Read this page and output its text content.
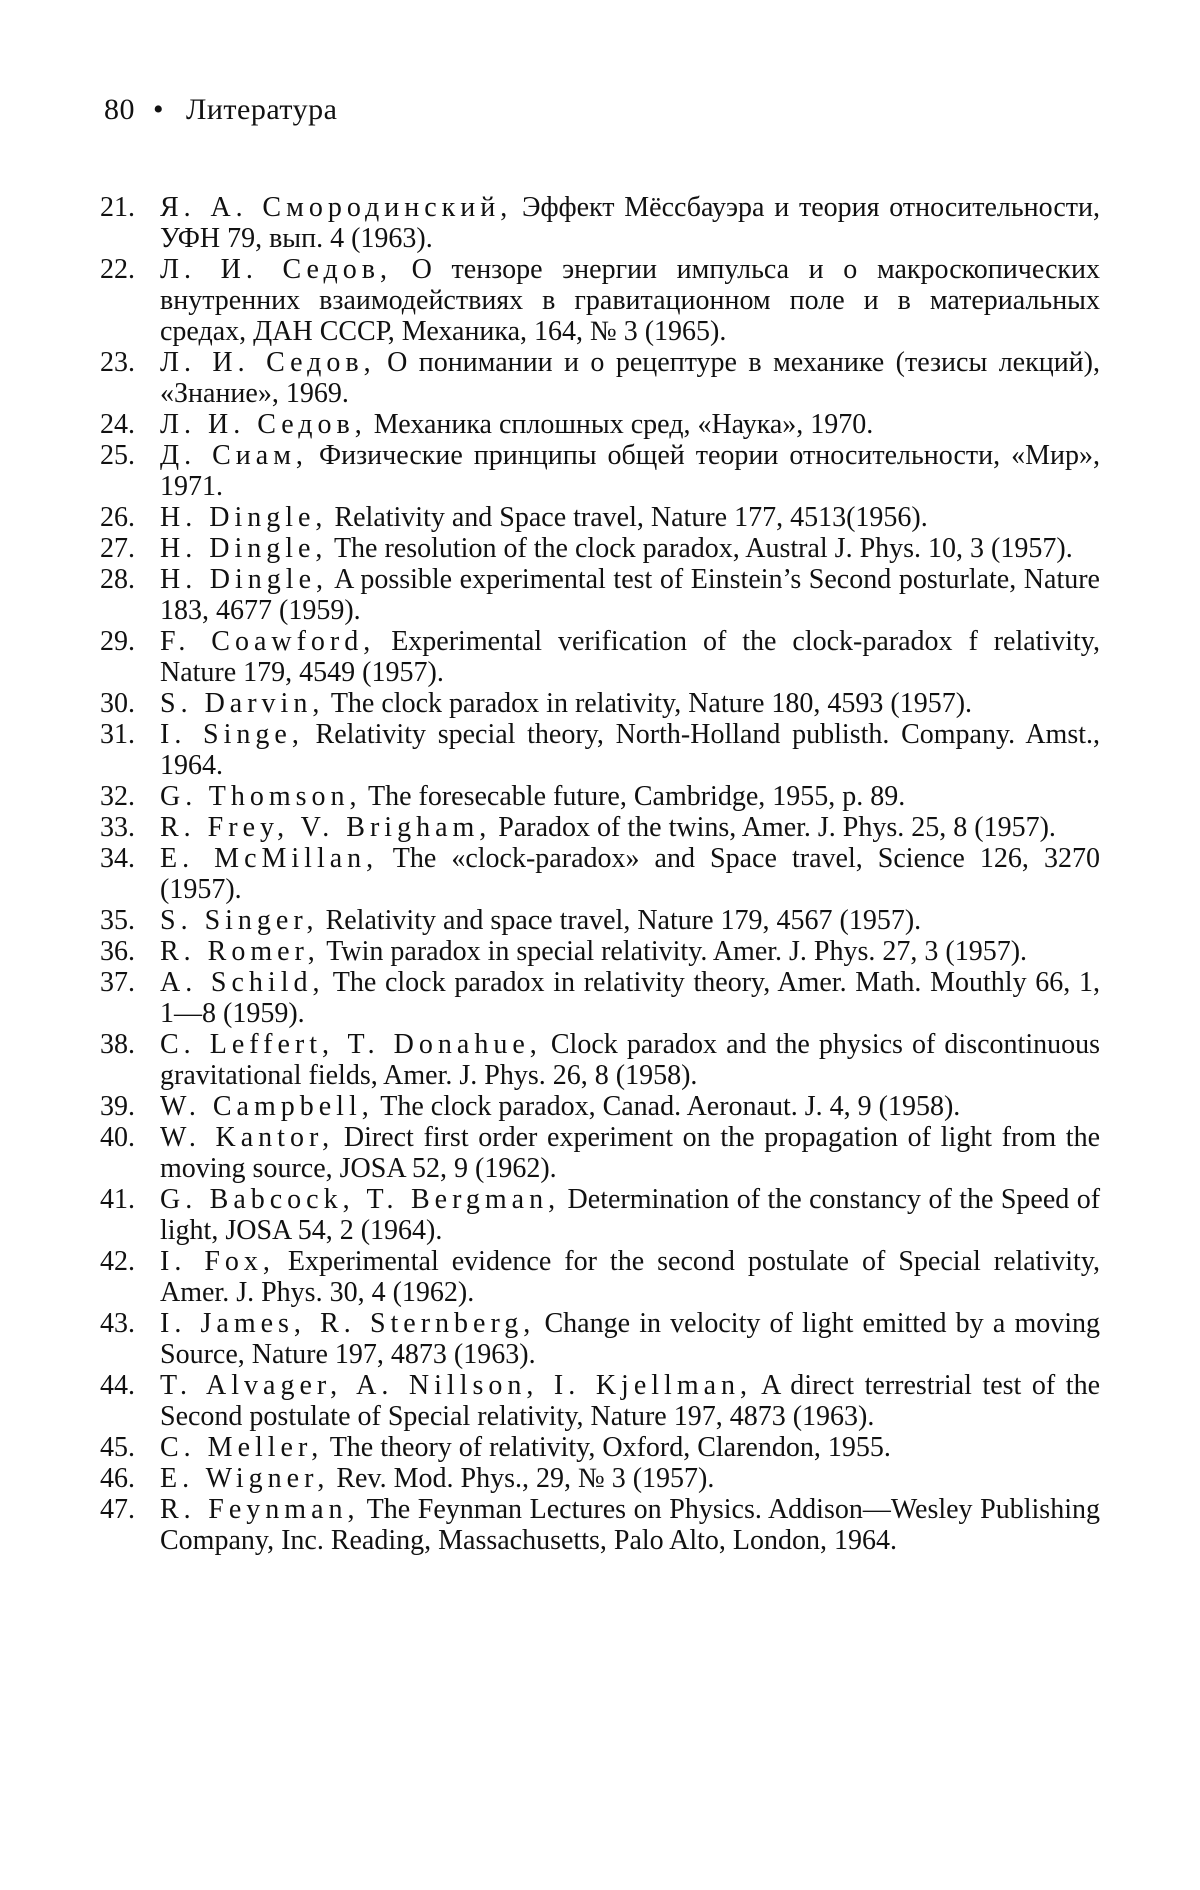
80 • Литература
21. Я. А. Смородинский, Эффект Мёссбауэра и теория относительности, УФН 79, вып. 4 (1963).
22. Л. И. Седов, О тензоре энергии импульса и о макроскопических внутренних взаимодействиях в гравитационном поле и в материальных средах, ДАН СССР, Механика, 164, № 3 (1965).
23. Л. И. Седов, О понимании и о рецептуре в механике (тезисы лекций), «Знание», 1969.
24. Л. И. Седов, Механика сплошных сред, «Наука», 1970.
25. Д. Сиам, Физические принципы общей теории относительности, «Мир», 1971.
26. H. Dingle, Relativity and Space travel, Nature 177, 4513(1956).
27. H. Dingle, The resolution of the clock paradox, Austral J. Phys. 10, 3 (1957).
28. H. Dingle, A possible experimental test of Einstein’s Second posturlate, Nature 183, 4677 (1959).
29. F. Coawford, Experimental verification of the clock-paradox f relativity, Nature 179, 4549 (1957).
30. S. Darvin, The clock paradox in relativity, Nature 180, 4593 (1957).
31. I. Singe, Relativity special theory, North-Holland publisth. Company. Amst., 1964.
32. G. Thomson, The foresecable future, Cambridge, 1955, p. 89.
33. R. Frey, V. Brigham, Paradox of the twins, Amer. J. Phys. 25, 8 (1957).
34. E. McMillan, The «clock-paradox» and Space travel, Science 126, 3270 (1957).
35. S. Singer, Relativity and space travel, Nature 179, 4567 (1957).
36. R. Romer, Twin paradox in special relativity. Amer. J. Phys. 27, 3 (1957).
37. A. Schild, The clock paradox in relativity theory, Amer. Math. Mouthly 66, 1, 1—8 (1959).
38. C. Leffert, T. Donahue, Clock paradox and the physics of discontinuous gravitational fields, Amer. J. Phys. 26, 8 (1958).
39. W. Campbell, The clock paradox, Canad. Aeronaut. J. 4, 9 (1958).
40. W. Kantor, Direct first order experiment on the propagation of light from the moving source, JOSA 52, 9 (1962).
41. G. Babcock, T. Bergman, Determination of the constancy of the Speed of light, JOSA 54, 2 (1964).
42. I. Fox, Experimental evidence for the second postulate of Special relativity, Amer. J. Phys. 30, 4 (1962).
43. I. James, R. Sternberg, Change in velocity of light emitted by a moving Source, Nature 197, 4873 (1963).
44. T. Alvager, A. Nillson, I. Kjellman, A direct terrestrial test of the Second postulate of Special relativity, Nature 197, 4873 (1963).
45. C. Meller, The theory of relativity, Oxford, Clarendon, 1955.
46. E. Wigner, Rev. Mod. Phys., 29, № 3 (1957).
47. R. Feynman, The Feynman Lectures on Physics. Addison—Wesley Publishing Company, Inc. Reading, Massachusetts, Palo Alto, London, 1964.
